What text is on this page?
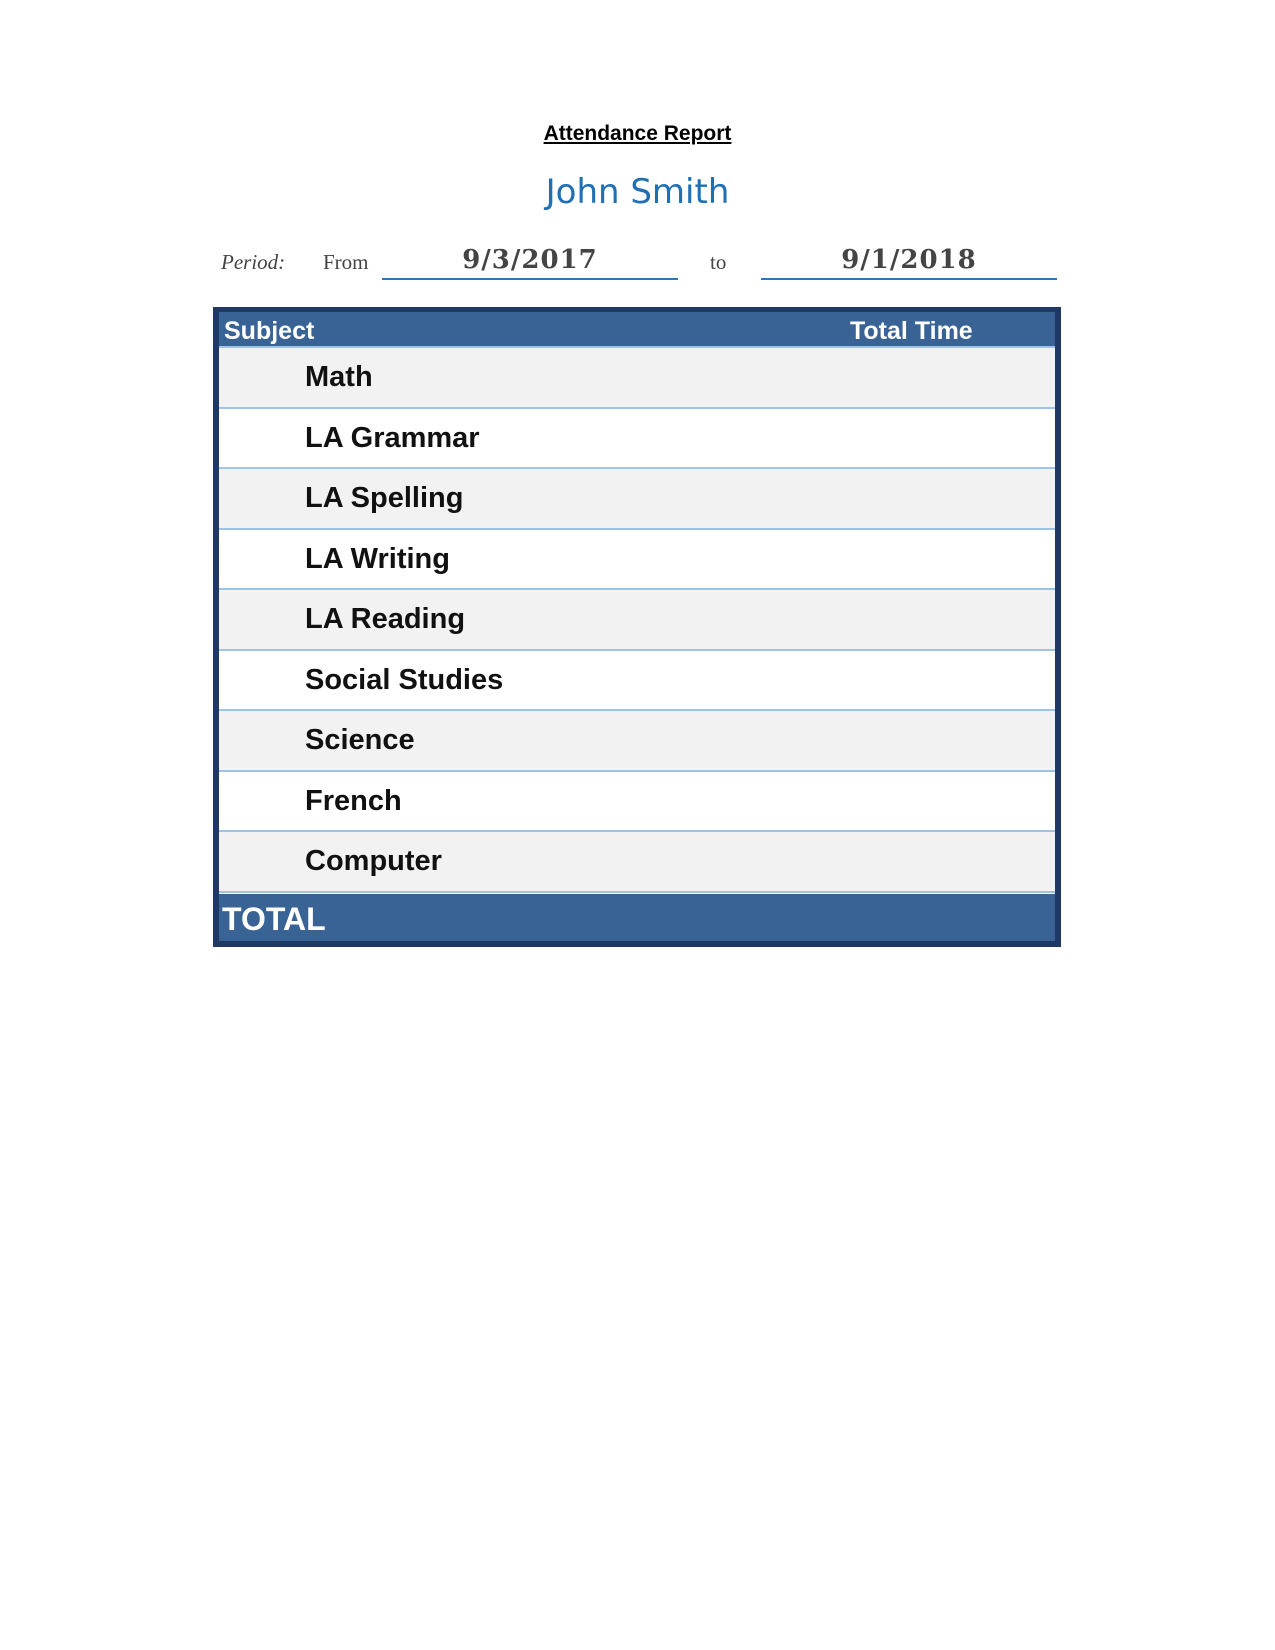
Attendance Report
John Smith
Period: From	9/3/2017	to	9/1/2018
Subject	Total Time
Math
LA Grammar
LA Spelling
LA Writing
LA Reading
Social Studies
Science
French
Computer
TOTAL
